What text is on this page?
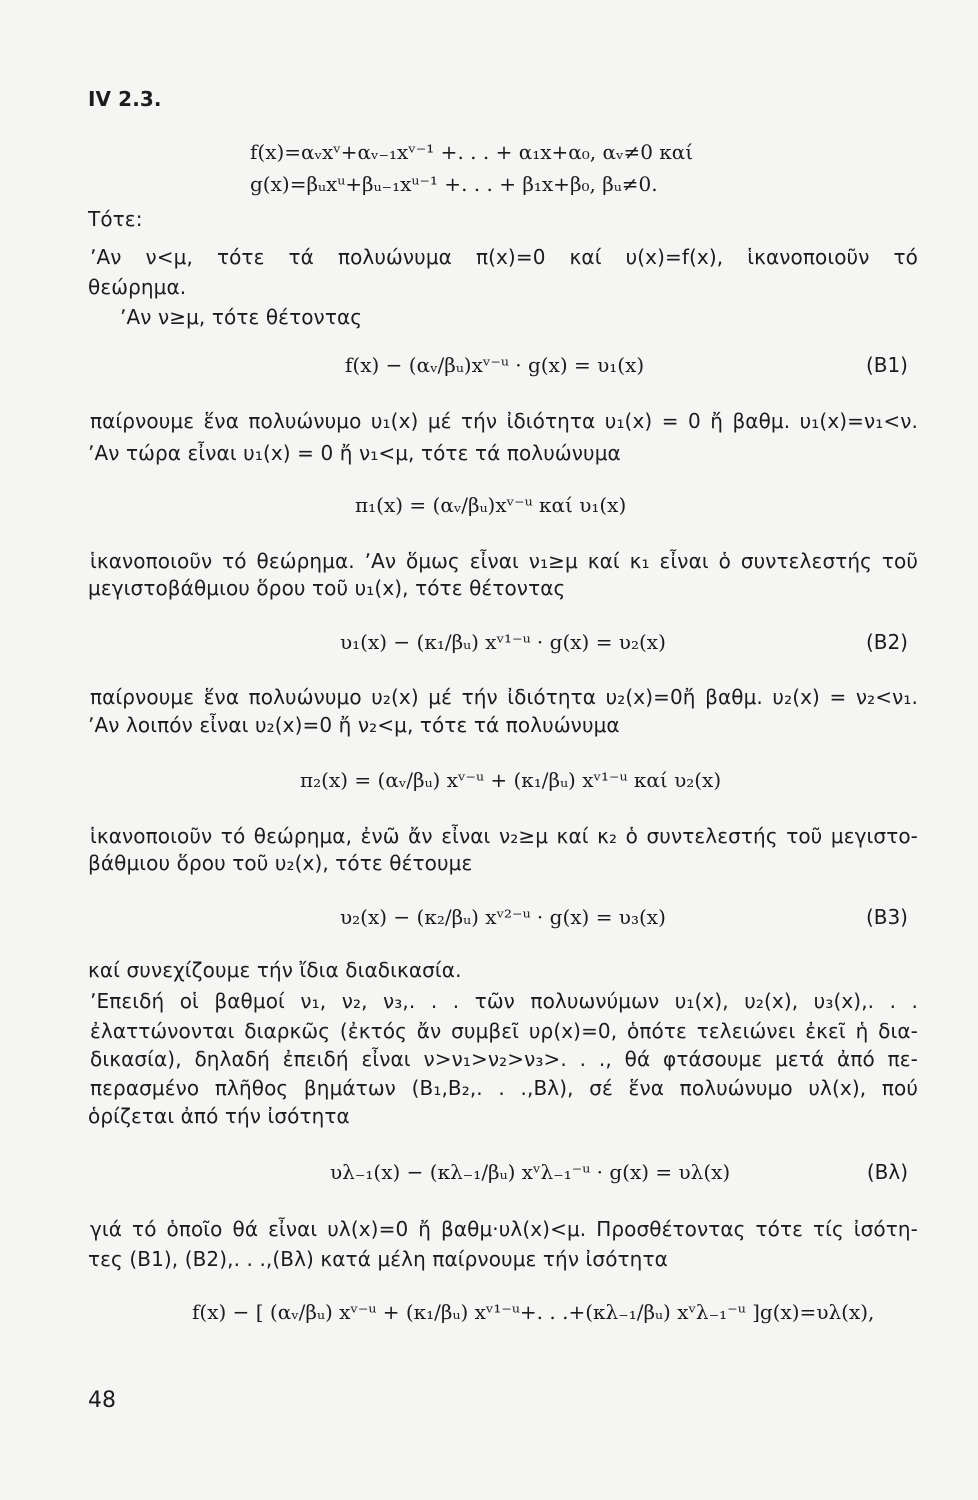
IV 2.3.
f(x)=αᵥxᵛ+αᵥ₋₁xᵛ⁻¹ +. . . + α₁x+α₀, αᵥ≠0 καί
g(x)=βᵤxᵘ+βᵤ₋₁xᵘ⁻¹ +. . . + β₁x+β₀, βᵤ≠0.
Τότε:
ʼΑν ν<μ, τότε τά πολυώνυμα π(x)=0 καί υ(x)=f(x), ἱκανοποιοῦν τό
θεώρημα.
ʼΑν ν≥μ, τότε θέτοντας
f(x) − (αᵥ/βᵤ)xᵛ⁻ᵘ · g(x) = υ₁(x)	(B1)
παίρνουμε ἕνα πολυώνυμο υ₁(x) μέ τήν ἰδιότητα υ₁(x) = 0 ἤ βαθμ. υ₁(x)=ν₁<ν.
ʼΑν τώρα εἶναι υ₁(x) = 0 ἤ ν₁<μ, τότε τά πολυώνυμα
π₁(x) = (αᵥ/βᵤ)xᵛ⁻ᵘ καί υ₁(x)
ἱκανοποιοῦν τό θεώρημα. ʼΑν ὅμως εἶναι ν₁≥μ καί κ₁ εἶναι ὁ συντελεστής τοῦ
μεγιστοβάθμιου ὅρου τοῦ υ₁(x), τότε θέτοντας
υ₁(x) − (κ₁/βᵤ) xᵛ¹⁻ᵘ · g(x) = υ₂(x)	(B2)
παίρνουμε ἕνα πολυώνυμο υ₂(x) μέ τήν ἰδιότητα υ₂(x)=0ἤ βαθμ. υ₂(x) = ν₂<ν₁.
ʼΑν λοιπόν εἶναι υ₂(x)=0 ἤ ν₂<μ, τότε τά πολυώνυμα
π₂(x) = (αᵥ/βᵤ) xᵛ⁻ᵘ + (κ₁/βᵤ) xᵛ¹⁻ᵘ καί υ₂(x)
ἱκανοποιοῦν τό θεώρημα, ἐνῶ ἄν εἶναι ν₂≥μ καί κ₂ ὁ συντελεστής τοῦ μεγιστο-
βάθμιου ὅρου τοῦ υ₂(x), τότε θέτουμε
υ₂(x) − (κ₂/βᵤ) xᵛ²⁻ᵘ · g(x) = υ₃(x)	(B3)
καί συνεχίζουμε τήν ἴδια διαδικασία.
ʼΕπειδή οἱ βαθμοί ν₁, ν₂, ν₃,. . . τῶν πολυωνύμων υ₁(x), υ₂(x), υ₃(x),. . .
ἐλαττώνονται διαρκῶς (ἐκτός ἄν συμβεῖ υρ(x)=0, ὁπότε τελειώνει ἐκεῖ ἡ δια-
δικασία), δηλαδή ἐπειδή εἶναι ν>ν₁>ν₂>ν₃>. . ., θά φτάσουμε μετά ἀπό πε-
περασμένο πλῆθος βημάτων (B₁,B₂,. . .,Bλ), σέ ἕνα πολυώνυμο υλ(x), πού
ὁρίζεται ἀπό τήν ἰσότητα
υλ₋₁(x) − (κλ₋₁/βᵤ) xᵛλ₋₁⁻ᵘ · g(x) = υλ(x)	(Bλ)
γιά τό ὁποῖο θά εἶναι υλ(x)=0 ἤ βαθμ·υλ(x)<μ. Προσθέτοντας τότε τίς ἰσότη-
τες (B1), (B2),. . .,(Bλ) κατά μέλη παίρνουμε τήν ἰσότητα
f(x) − [ (αᵥ/βᵤ) xᵛ⁻ᵘ + (κ₁/βᵤ) xᵛ¹⁻ᵘ+. . .+(κλ₋₁/βᵤ) xᵛλ₋₁⁻ᵘ ]g(x)=υλ(x),
48
